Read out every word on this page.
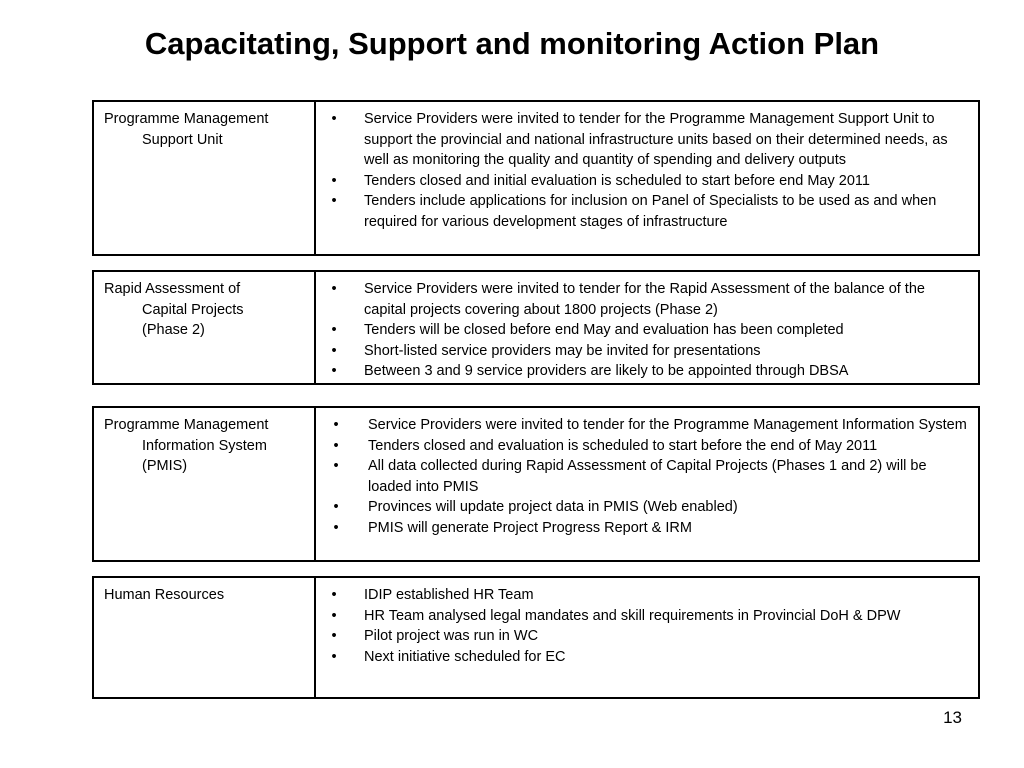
Capacitating, Support and monitoring Action Plan
Programme Management
Support Unit
•	Service Providers were invited to tender for the Programme Management Support Unit to support the provincial and national infrastructure units based on their determined needs, as well as monitoring the quality and quantity of spending and delivery outputs
•	Tenders closed and initial evaluation is scheduled to start before end May 2011
•	Tenders include applications for inclusion on Panel of Specialists to be used as and when required for various development stages of infrastructure
Rapid Assessment of
Capital Projects
(Phase 2)
•	Service Providers were invited to tender for the Rapid Assessment of the balance of the capital projects covering about 1800 projects (Phase 2)
•	Tenders will be closed before end May and evaluation has been completed
•	Short-listed service providers may be invited for presentations
•	Between 3 and 9 service providers are likely to be appointed through DBSA
Programme Management
Information System
(PMIS)
•	Service Providers were invited to tender for the Programme Management Information System
•	Tenders closed and evaluation is scheduled to start before the end of May 2011
•	All data collected during Rapid Assessment of Capital Projects (Phases 1 and 2) will be loaded into PMIS
•	Provinces will update project data in PMIS (Web enabled)
•	PMIS will generate Project Progress Report & IRM
Human Resources	•	IDIP established HR Team
•	HR Team analysed legal mandates and skill requirements in Provincial DoH & DPW
•	Pilot project was run in WC
•	Next initiative scheduled for EC
13
